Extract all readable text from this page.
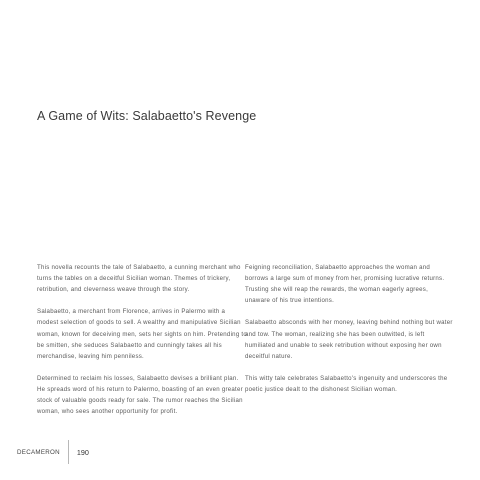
A Game of Wits: Salabaetto's Revenge

This novella recounts the tale of Salabaetto, a cunning merchant who turns the tables on a deceitful Sicilian woman. Themes of trickery, retribution, and cleverness weave through the story.

Salabaetto, a merchant from Florence, arrives in Palermo with a modest selection of goods to sell. A wealthy and manipulative Sicilian woman, known for deceiving men, sets her sights on him. Pretending to be smitten, she seduces Salabaetto and cunningly takes all his merchandise, leaving him penniless.

Determined to reclaim his losses, Salabaetto devises a brilliant plan. He spreads word of his return to Palermo, boasting of an even greater stock of valuable goods ready for sale. The rumor reaches the Sicilian woman, who sees another opportunity for profit.

Feigning reconciliation, Salabaetto approaches the woman and borrows a large sum of money from her, promising lucrative returns. Trusting she will reap the rewards, the woman eagerly agrees, unaware of his true intentions.

Salabaetto absconds with her money, leaving behind nothing but water and tow. The woman, realizing she has been outwitted, is left humiliated and unable to seek retribution without exposing her own deceitful nature.

This witty tale celebrates Salabaetto's ingenuity and underscores the poetic justice dealt to the dishonest Sicilian woman.

DECAMERON 190
